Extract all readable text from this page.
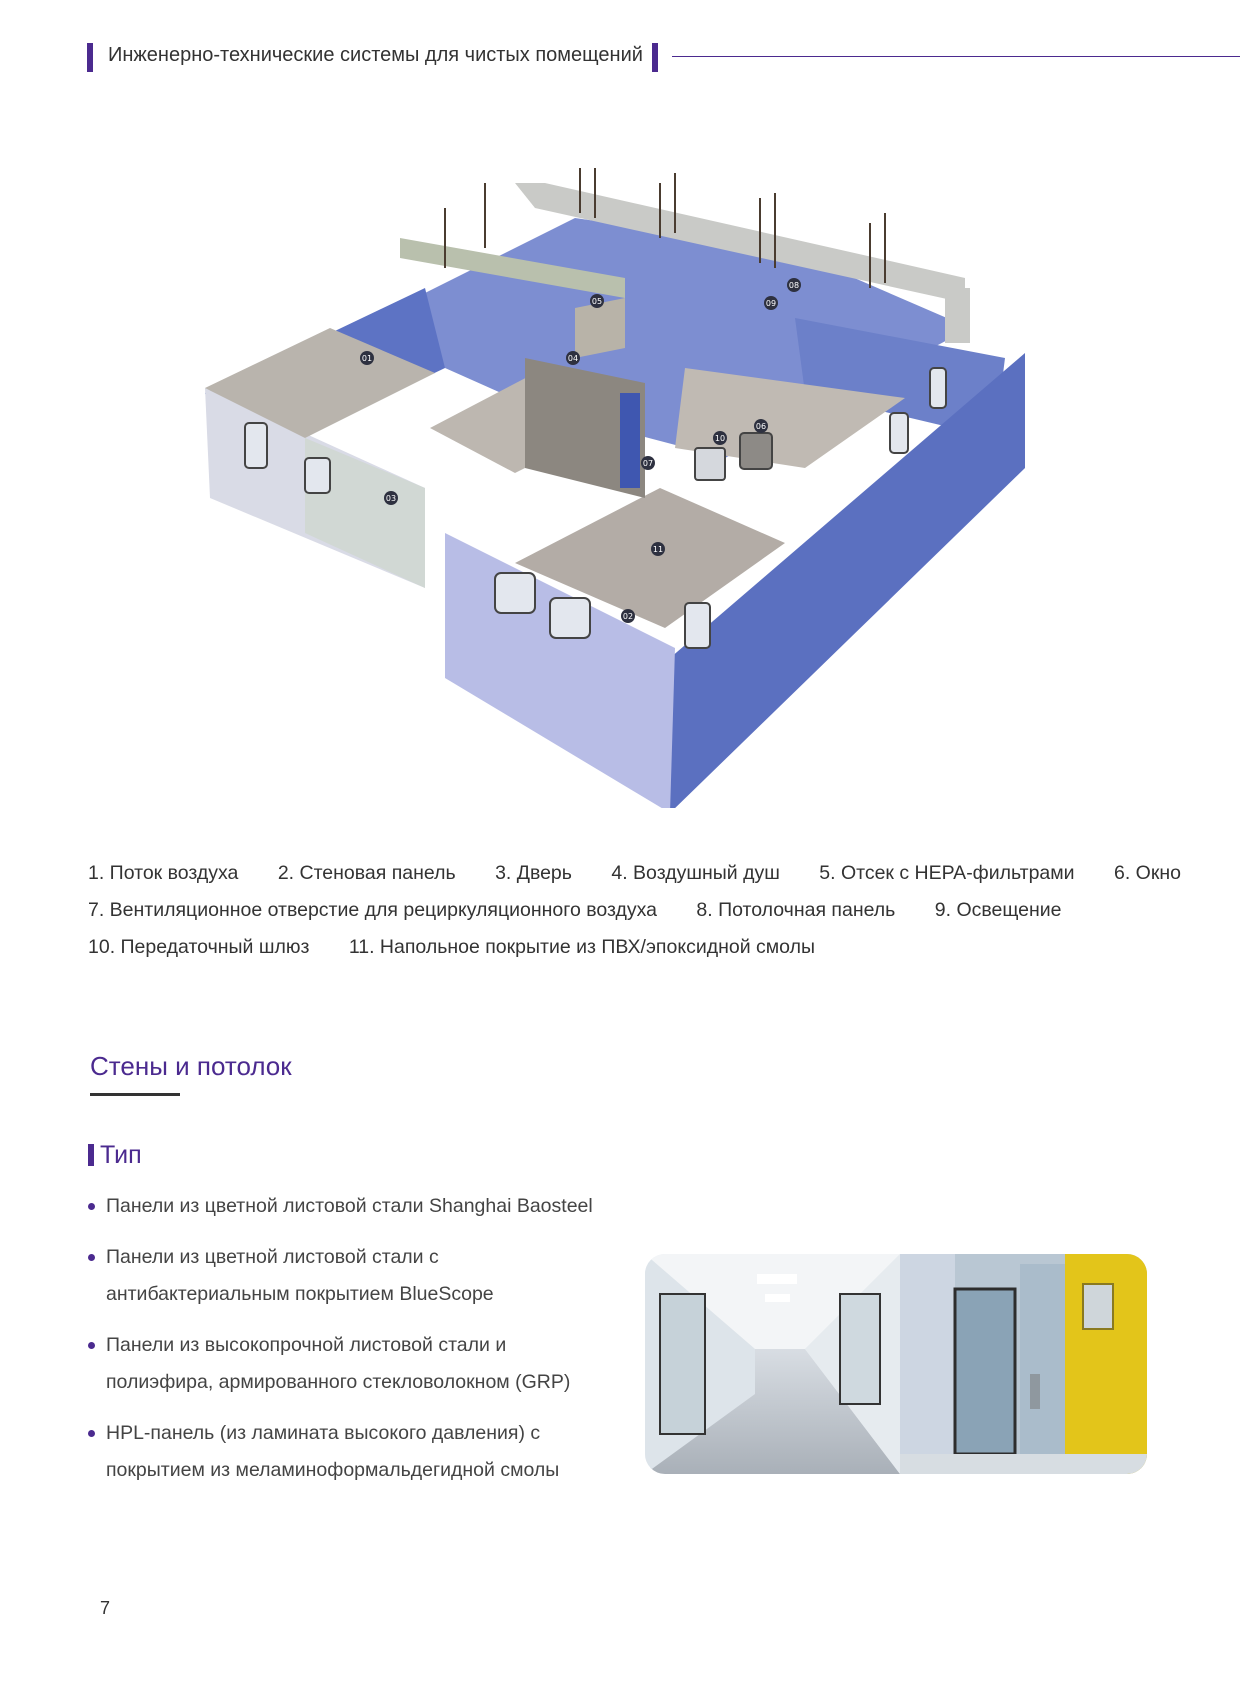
Инженерно-технические системы для чистых помещений
01
02
03
04
05
06
07
08
09
10
11
1. Поток воздуха 2. Стеновая панель 3. Дверь 4. Воздушный душ 5. Отсек с HEPA-фильтрами 6. Окно
7. Вентиляционное отверстие для рециркуляционного воздуха 8. Потолочная панель 9. Освещение
10. Передаточный шлюз 11. Напольное покрытие из ПВХ/эпоксидной смолы
Стены и потолок
Тип
Панели из цветной листовой стали Shanghai Baosteel
Панели из цветной листовой стали с антибактериальным покрытием BlueScope
Панели из высокопрочной листовой стали и полиэфира, армированного стекловолокном (GRP)
HPL-панель (из ламината высокого давления) с покрытием из меламиноформальдегидной смолы
7
